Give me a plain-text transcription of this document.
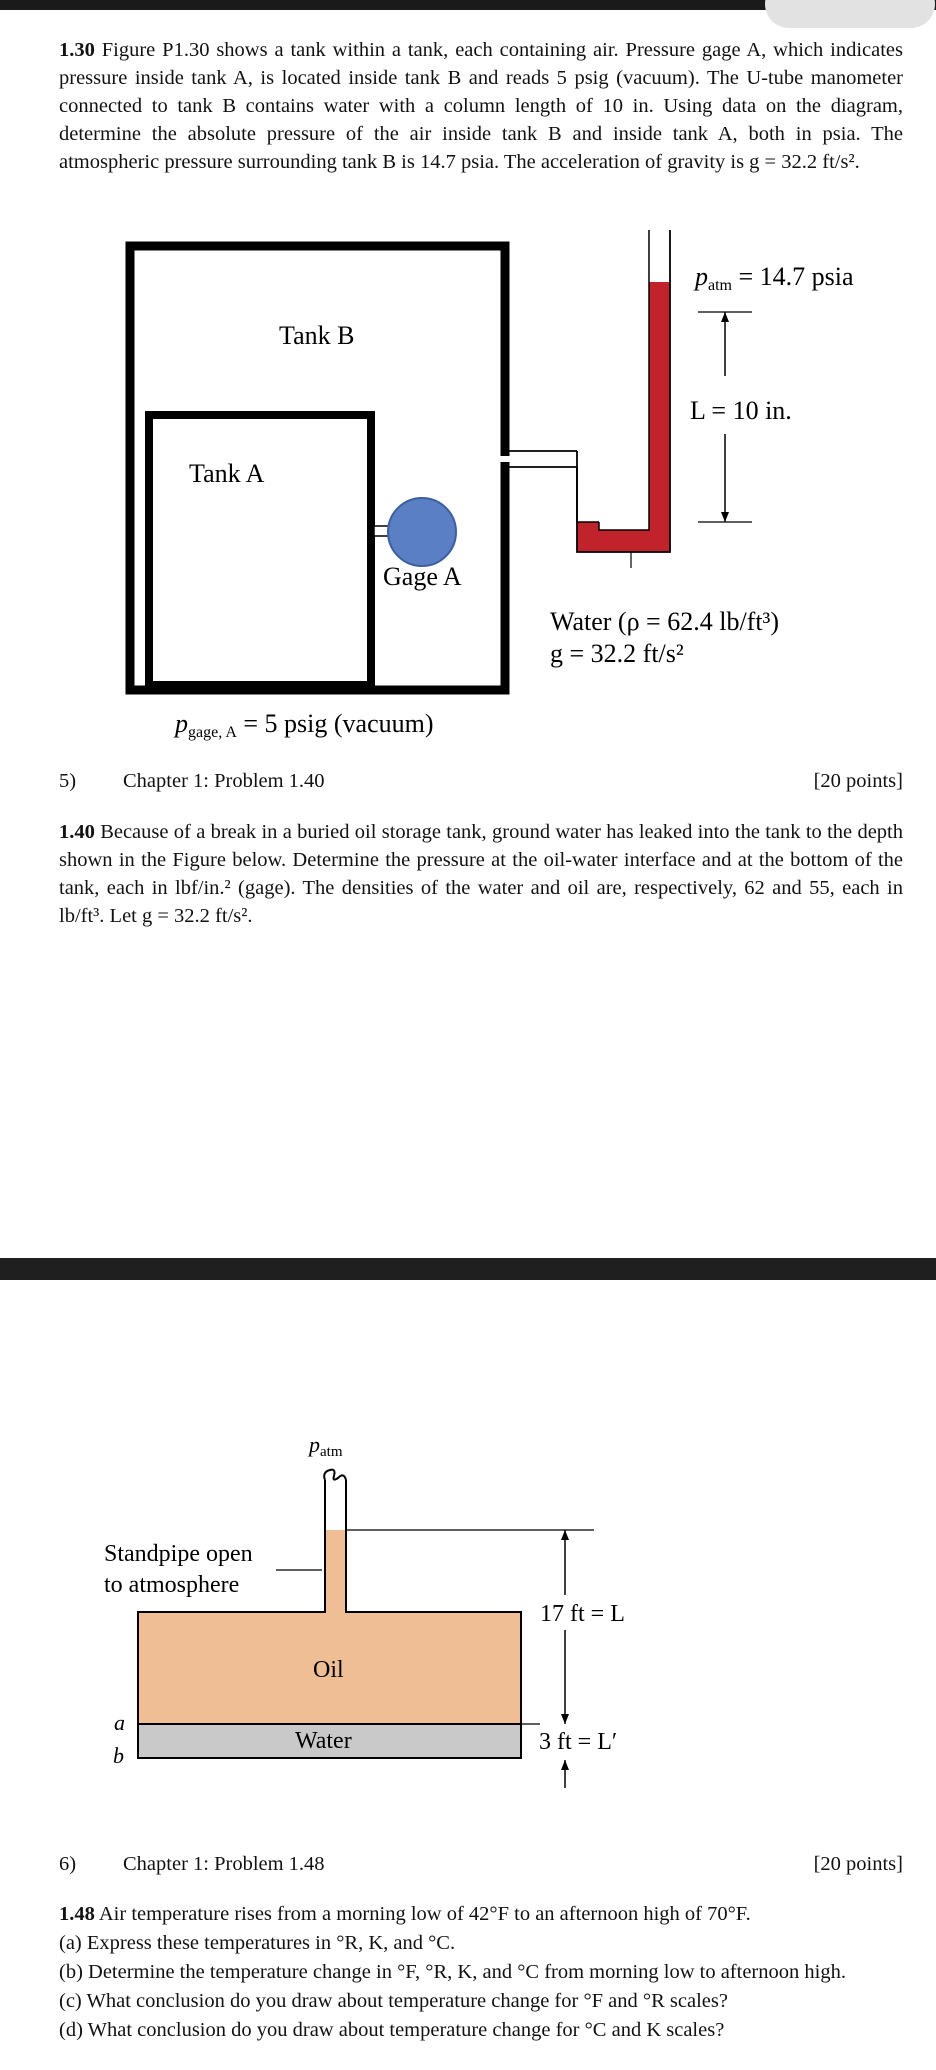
1.30 Figure P1.30 shows a tank within a tank, each containing air. Pressure gage A, which indicates pressure inside tank A, is located inside tank B and reads 5 psig (vacuum). The U-tube manometer connected to tank B contains water with a column length of 10 in. Using data on the diagram, determine the absolute pressure of the air inside tank B and inside tank A, both in psia. The atmospheric pressure surrounding tank B is 14.7 psia. The acceleration of gravity is g = 32.2 ft/s².

Tank B
Tank A
Gage A
patm = 14.7 psia
L = 10 in.
Water (ρ = 62.4 lb/ft³)
g = 32.2 ft/s²
pgage, A = 5 psig (vacuum)
5) Chapter 1: Problem 1.40	[20 points]

1.40 Because of a break in a buried oil storage tank, ground water has leaked into the tank to the depth shown in the Figure below. Determine the pressure at the oil-water interface and at the bottom of the tank, each in lbf/in.² (gage). The densities of the water and oil are, respectively, 62 and 55, each in lb/ft³. Let g = 32.2 ft/s².

patm
Standpipe open
to atmosphere
Oil
Water
17 ft = L
3 ft = L′
a
b
6) Chapter 1: Problem 1.48	[20 points]
1.48 Air temperature rises from a morning low of 42°F to an afternoon high of 70°F.
(a) Express these temperatures in °R, K, and °C.
(b) Determine the temperature change in °F, °R, K, and °C from morning low to afternoon high.
(c) What conclusion do you draw about temperature change for °F and °R scales?
(d) What conclusion do you draw about temperature change for °C and K scales?
